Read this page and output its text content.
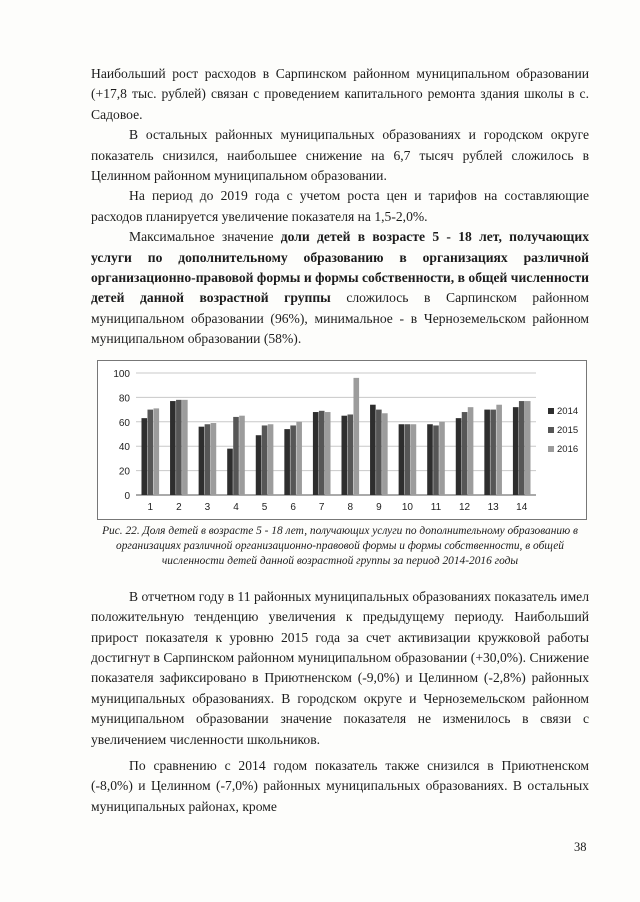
Наибольший рост расходов в Сарпинском районном муниципальном образовании (+17,8 тыс. рублей) связан с проведением капитального ремонта здания школы в с. Садовое.

В остальных районных муниципальных образованиях и городском округе показатель снизился, наибольшее снижение на 6,7 тысяч рублей сложилось в Целинном районном муниципальном образовании.

На период до 2019 года с учетом роста цен и тарифов на составляющие расходов планируется увеличение показателя на 1,5-2,0%.

Максимальное значение доли детей в возрасте 5 - 18 лет, получающих услуги по дополнительному образованию в организациях различной организационно-правовой формы и формы собственности, в общей численности детей данной возрастной группы сложилось в Сарпинском районном муниципальном образовании (96%), минимальное - в Черноземельском районном муниципальном образовании (58%).

0
20
40
60
80
100
1 2 3 4 5 6 7 8 9 10 11 12 13 14
2014
2015
2016

Рис. 22. Доля детей в возрасте 5 - 18 лет, получающих услуги по дополнительному образованию в организациях различной организационно-правовой формы и формы собственности, в общей численности детей данной возрастной группы за период 2014-2016 годы

В отчетном году в 11 районных муниципальных образованиях показатель имел положительную тенденцию увеличения к предыдущему периоду. Наибольший прирост показателя к уровню 2015 года за счет активизации кружковой работы достигнут в Сарпинском районном муниципальном образовании (+30,0%). Снижение показателя зафиксировано в Приютненском (-9,0%) и Целинном (-2,8%) районных муниципальных образованиях. В городском округе и Черноземельском районном муниципальном образовании значение показателя не изменилось в связи с увеличением численности школьников.

По сравнению с 2014 годом показатель также снизился в Приютненском (-8,0%) и Целинном (-7,0%) районных муниципальных образованиях. В остальных муниципальных районах, кроме

38
